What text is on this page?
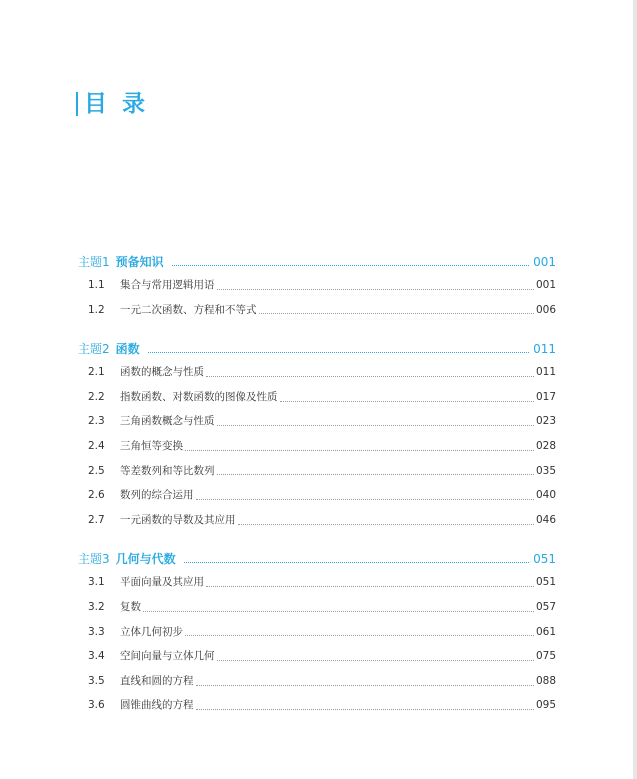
目录
主题1 预备知识	001
1.1	集合与常用逻辑用语	001
1.2	一元二次函数、方程和不等式	006
主题2 函数	011
2.1	函数的概念与性质	011
2.2	指数函数、对数函数的图像及性质	017
2.3	三角函数概念与性质	023
2.4	三角恒等变换	028
2.5	等差数列和等比数列	035
2.6	数列的综合运用	040
2.7	一元函数的导数及其应用	046
主题3 几何与代数	051
3.1	平面向量及其应用	051
3.2	复数	057
3.3	立体几何初步	061
3.4	空间向量与立体几何	075
3.5	直线和圆的方程	088
3.6	圆锥曲线的方程	095
